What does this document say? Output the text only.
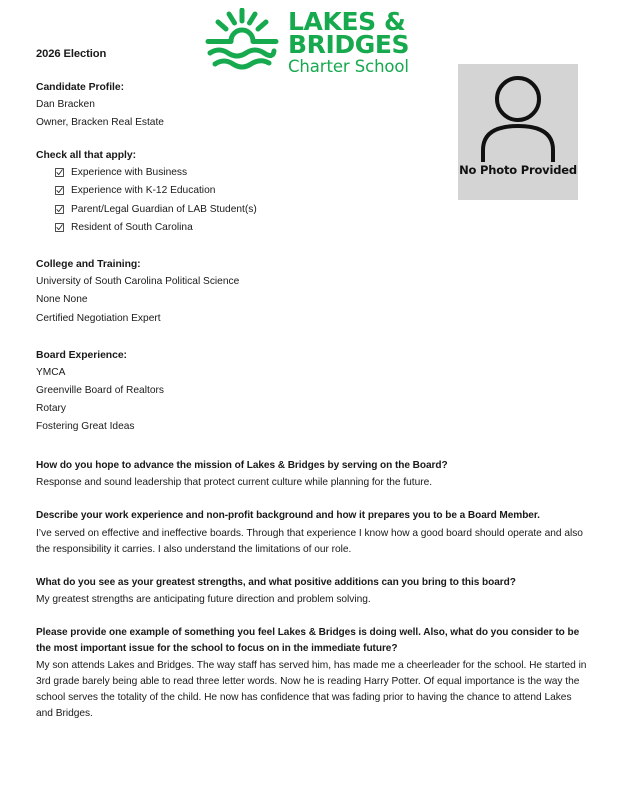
LAKES &
BRIDGES
Charter School
No Photo Provided
2026 Election
Candidate Profile:
Dan Bracken
Owner, Bracken Real Estate
Check all that apply:
Experience with Business
Experience with K-12 Education
Parent/Legal Guardian of LAB Student(s)
Resident of South Carolina
College and Training:
University of South Carolina Political Science
None None
Certified Negotiation Expert
Board Experience:
YMCA
Greenville Board of Realtors
Rotary
Fostering Great Ideas

How do you hope to advance the mission of Lakes & Bridges by serving on the Board?

Response and sound leadership that protect current culture while planning for the future.

Describe your work experience and non-profit background and how it prepares you to be a Board Member.

I’ve served on effective and ineffective boards. Through that experience I know how a good board should operate and also the responsibility it carries. I also understand the limitations of our role.

What do you see as your greatest strengths, and what positive additions can you bring to this board?

My greatest strengths are anticipating future direction and problem solving.

Please provide one example of something you feel Lakes & Bridges is doing well. Also, what do you consider to be the most important issue for the school to focus on in the immediate future?

My son attends Lakes and Bridges. The way staff has served him, has made me a cheerleader for the school. He started in 3rd grade barely being able to read three letter words. Now he is reading Harry Potter. Of equal importance is the way the school serves the totality of the child. He now has confidence that was fading prior to having the chance to attend Lakes and Bridges.
